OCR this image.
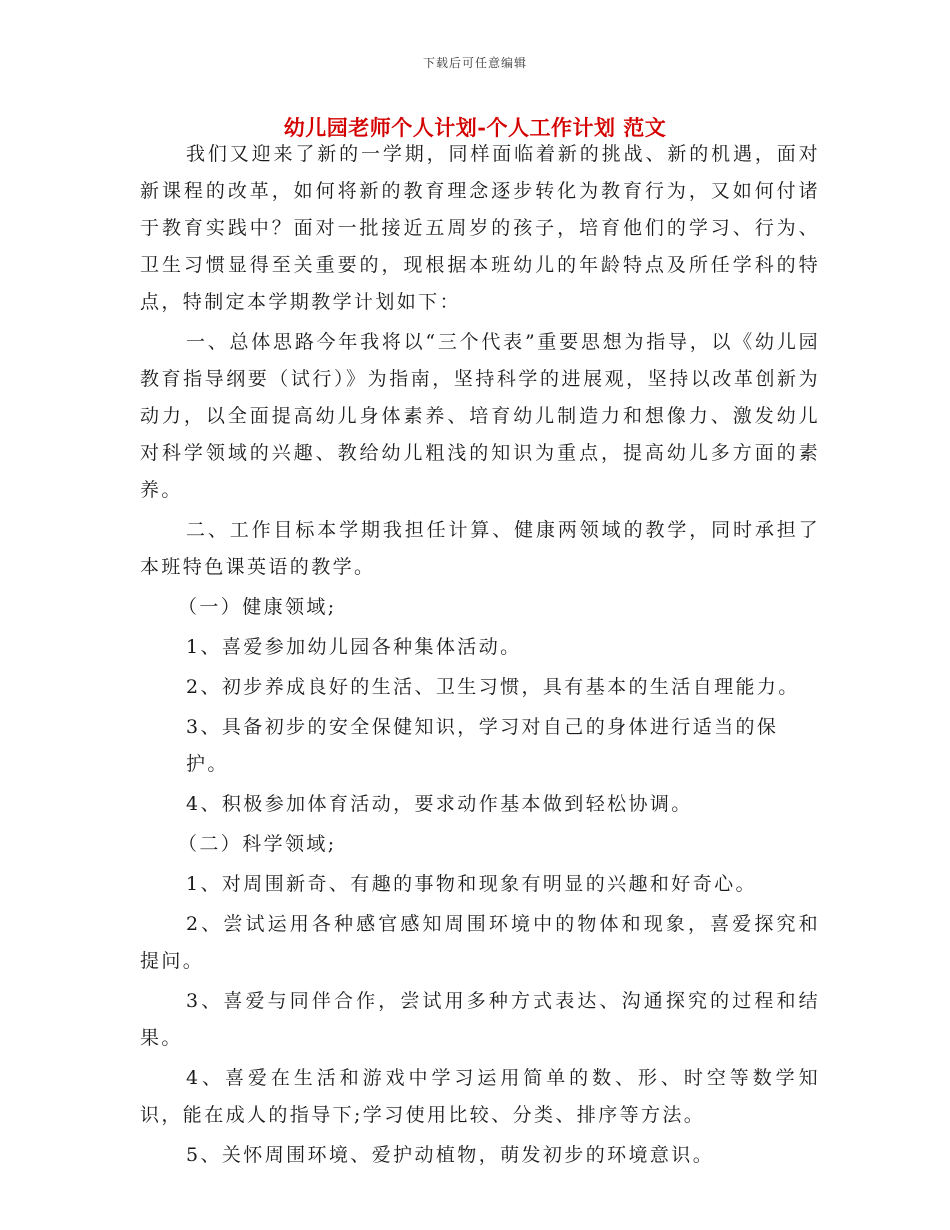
下载后可任意编辑
幼儿园老师个人计划-个人工作计划 范文

我们又迎来了新的一学期，同样面临着新的挑战、新的机遇，面对新课程的改革，如何将新的教育理念逐步转化为教育行为，又如何付诸于教育实践中？面对一批接近五周岁的孩子，培育他们的学习、行为、卫生习惯显得至关重要的，现根据本班幼儿的年龄特点及所任学科的特点，特制定本学期教学计划如下：

一、总体思路今年我将以“三个代表”重要思想为指导，以《幼儿园教育指导纲要（试行）》为指南，坚持科学的进展观，坚持以改革创新为动力，以全面提高幼儿身体素养、培育幼儿制造力和想像力、激发幼儿对科学领域的兴趣、教给幼儿粗浅的知识为重点，提高幼儿多方面的素养。

二、工作目标本学期我担任计算、健康两领域的教学，同时承担了本班特色课英语的教学。

（一）健康领域;

1、喜爱参加幼儿园各种集体活动。

2、初步养成良好的生活、卫生习惯，具有基本的生活自理能力。

3、具备初步的安全保健知识，学习对自己的身体进行适当的保护。

4、积极参加体育活动，要求动作基本做到轻松协调。

（二）科学领域;

1、对周围新奇、有趣的事物和现象有明显的兴趣和好奇心。

2、尝试运用各种感官感知周围环境中的物体和现象，喜爱探究和提问。

3、喜爱与同伴合作，尝试用多种方式表达、沟通探究的过程和结果。

4、喜爱在生活和游戏中学习运用简单的数、形、时空等数学知识，能在成人的指导下;学习使用比较、分类、排序等方法。

5、关怀周围环境、爱护动植物，萌发初步的环境意识。
